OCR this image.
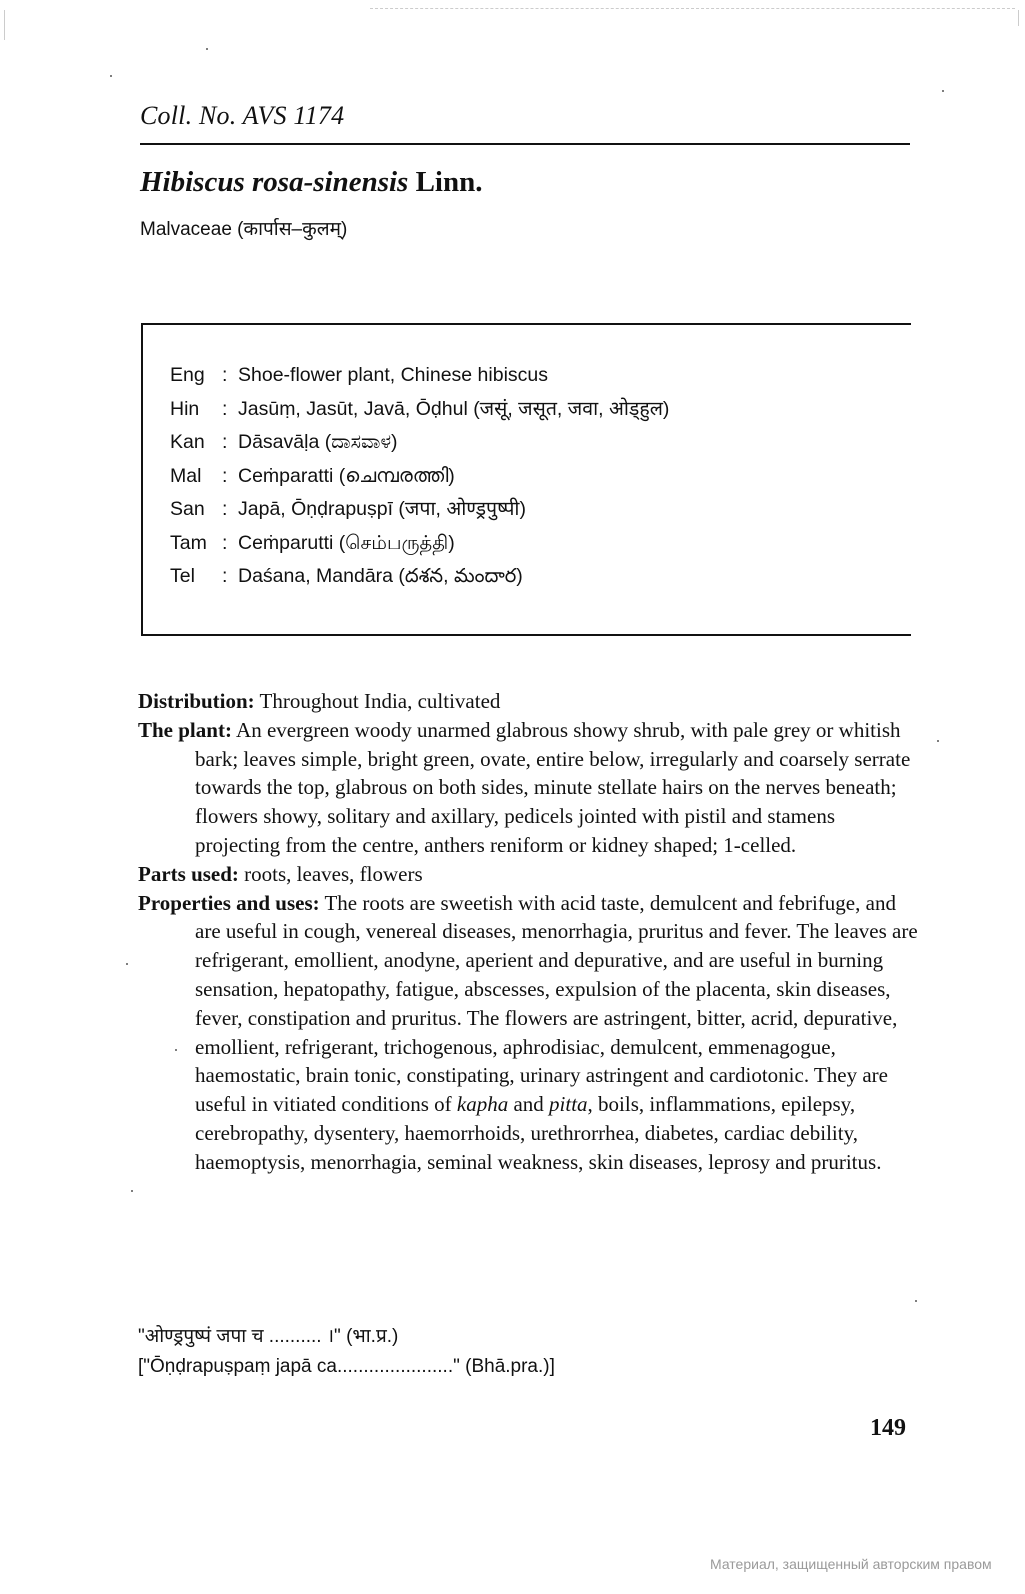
Coll. No. AVS 1174
Hibiscus rosa-sinensis Linn.
Malvaceae (कार्पास–कुलम्)
Eng : Shoe-flower plant, Chinese hibiscus
Hin	: Jasūṃ, Jasūt, Javā, Ōḍhul (जसूं, जसूत, जवा, ओड्हुल)
Kan : Dāsavāḷa (ದಾಸವಾಳ)
Mal	: Ceṁparatti (ചെമ്പരത്തി)
San : Japā, Ōṇḍrapuṣpī (जपा, ओण्ड्रपुष्पी)
Tam : Ceṁparutti (செம்பருத்தி)
Tel	: Daśana, Mandāra (దశన, మందార)

Distribution: Throughout India, cultivated

The plant: An evergreen woody unarmed glabrous showy shrub, with pale grey or whitish bark; leaves simple, bright green, ovate, entire below, irregularly and coarsely serrate towards the top, glabrous on both sides, minute stellate hairs on the nerves beneath; flowers showy, solitary and axillary, pedicels jointed with pistil and stamens projecting from the centre, anthers reniform or kidney shaped; 1-celled.

Parts used: roots, leaves, flowers

Properties and uses: The roots are sweetish with acid taste, demulcent and febrifuge, and are useful in cough, venereal diseases, menorrhagia, pruritus and fever. The leaves are refrigerant, emollient, anodyne, aperient and depurative, and are useful in burning sensation, hepatopathy, fatigue, abscesses, expulsion of the placenta, skin diseases, fever, constipation and pruritus. The flowers are astringent, bitter, acrid, depurative, emollient, refrigerant, trichogenous, aphrodisiac, demulcent, emmenagogue, haemostatic, brain tonic, constipating, urinary astringent and cardiotonic. They are useful in vitiated conditions of kapha and pitta, boils, inflammations, epilepsy, cerebropathy, dysentery, haemorrhoids, urethrorrhea, diabetes, cardiac debility, haemoptysis, menorrhagia, seminal weakness, skin diseases, leprosy and pruritus.

"ओण्ड्रपुष्पं जपा च .......... ।" (भा.प्र.)
["Ōṇḍrapuṣpaṃ japā ca......................" (Bhā.pra.)]
149
Материал, защищенный авторским правом
